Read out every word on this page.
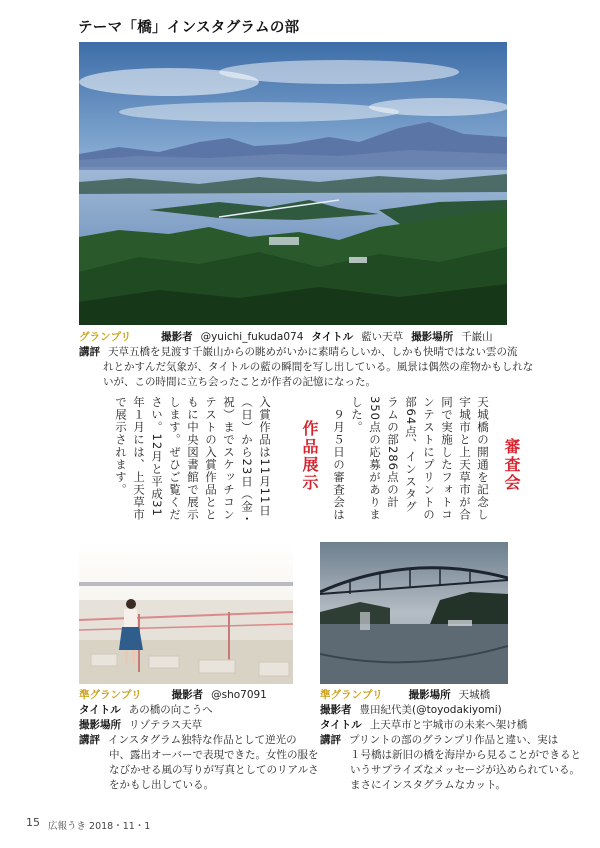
テーマ「橋」インスタグラムの部
グランプリ	撮影者 @yuichi_fukuda074 タイトル 藍い天草 撮影場所 千巌山
講評 天草五橋を見渡す千巌山からの眺めがいかに素晴らしいか、しかも快晴ではない雲の流
れとかすんだ気象が、タイトルの藍の瞬間を写し出している。風景は偶然の産物かもしれな
いが、この時間に立ち会ったことが作者の記憶になった。
審査会
天城橋の開通を記念し宇城市と上天草市が合同で実施したフォトコンテストにプリントの部64点、インスタグラムの部286点の計350点の応募がありました。
　９月５日の審査会は
作品展示
入賞作品は11月11日（日）から23日（金・祝）までスケッチコンテストの入賞作品とともに中央図書館で展示します。ぜひご覧ください。12月と平成31年１月には、上天草市で展示されます。
準グランプリ	撮影者 @sho7091
タイトル あの橋の向こうへ
撮影場所 リゾテラス天草
講評 インスタグラム独特な作品として逆光の
中、露出オーバーで表現できた。女性の服を
なびかせる風の写りが写真としてのリアルさ
をかもし出している。
準グランプリ 撮影場所 天城橋
撮影者 豊田紀代美(@toyodakiyomi)
タイトル 上天草市と宇城市の未来へ架け橋
講評 プリントの部のグランプリ作品と違い、実は
１号橋は新旧の橋を海岸から見ることができると
いうサプライズなメッセージが込められている。
まさにインスタグラムなカット。
15 広報うき 2018・11・1
